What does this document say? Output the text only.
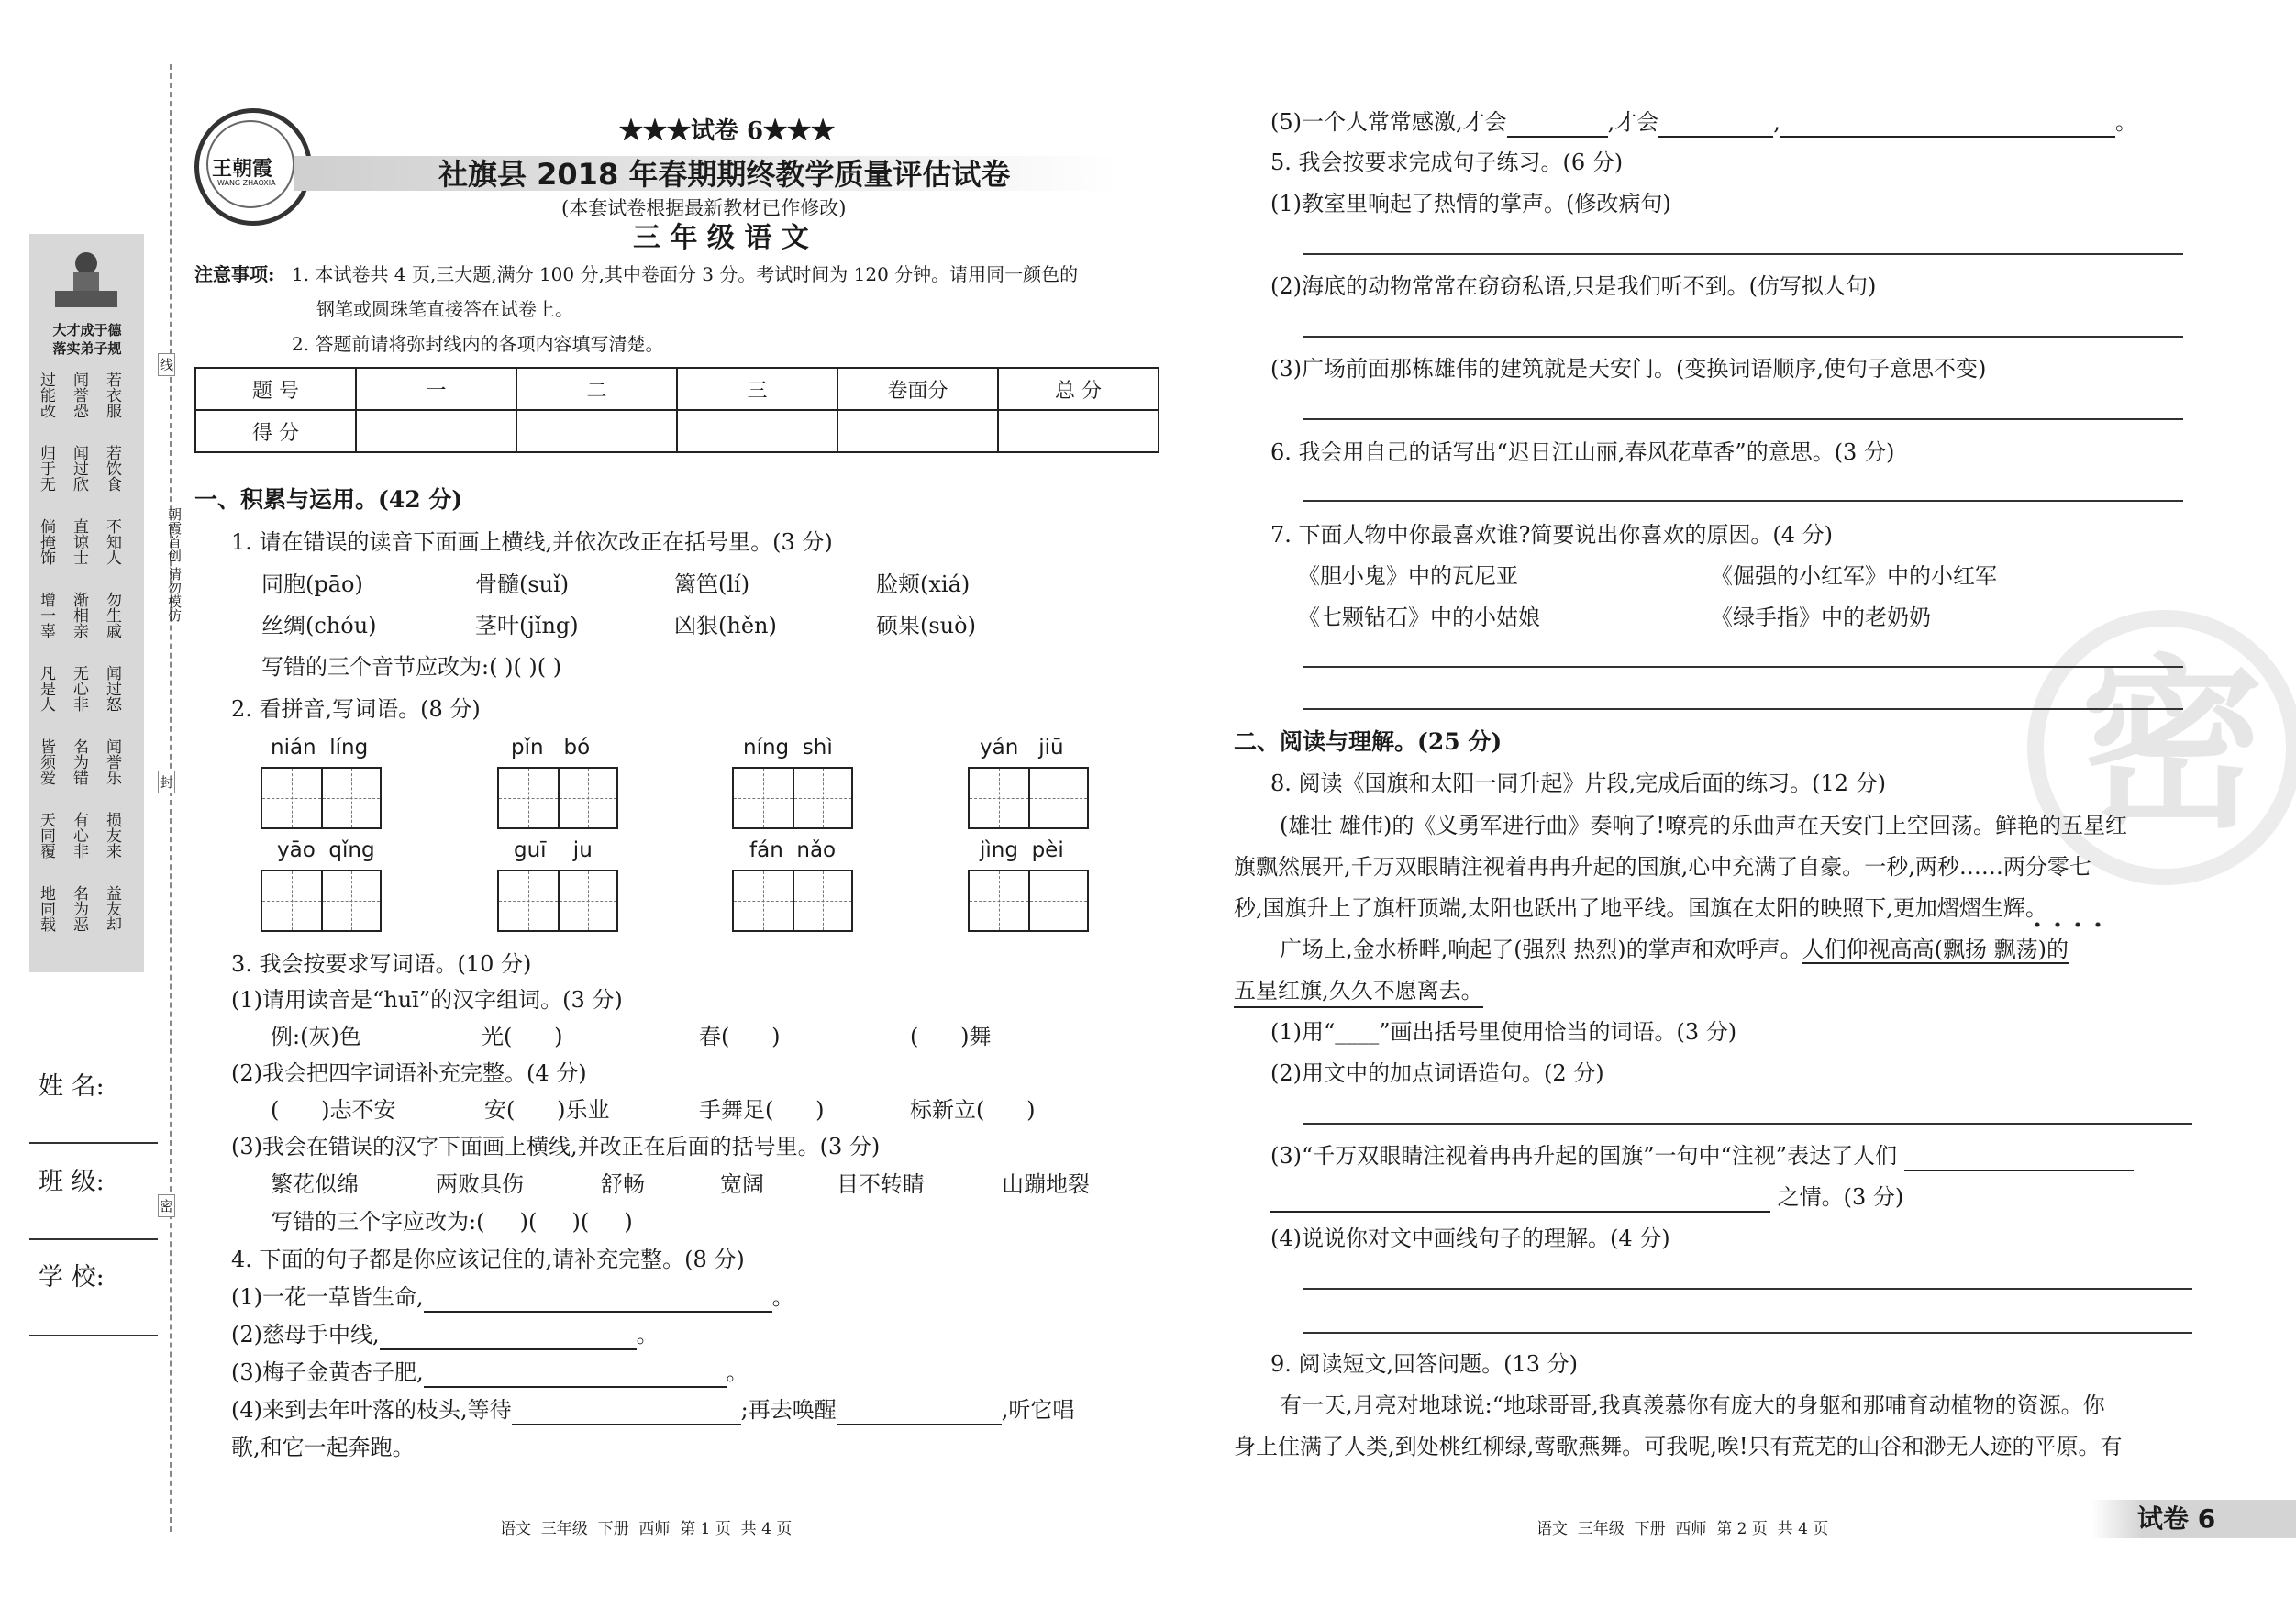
大才成于德
落实弟子规
过能改 闻誉恐 若衣服
归于无 闻过欣 若饮食
倘掩饰 直谅士 不知人
增一辜 渐相亲 勿生戚
凡是人 无心非 闻过怒
皆须爱 名为错 闻誉乐
天同覆 有心非 损友来
地同载 名为恶 益友却
朝霞首创 请勿模仿
线
封
密
姓 名:
班 级:
学 校:
王朝霞
WANG ZHAOXIA
★★★试卷 6★★★
社旗县 2018 年春期期终教学质量评估试卷
(本套试卷根据最新教材已作修改)
三 年 级 语 文
注意事项: 1. 本试卷共 4 页,三大题,满分 100 分,其中卷面分 3 分。考试时间为 120 分钟。请用同一颜色的
钢笔或圆珠笔直接答在试卷上。
2. 答题前请将弥封线内的各项内容填写清楚。
题 号	一	二	三	卷面分	总 分
得 分					
一、积累与运用。(42 分)
1. 请在错误的读音下面画上横线,并依次改正在括号里。(3 分)
同胞(pāo)	骨髓(suǐ)	篱笆(lí)	脸颊(xiá)
丝绸(chóu)	茎叶(jǐng)	凶狠(hěn)	硕果(suò)
写错的三个音节应改为:( )( )( )
2. 看拼音,写词语。(8 分)
nián  líng	pǐn   bó	níng  shì	yán   jiū
yāo  qǐng	guī    ju	fán  nǎo	jìng  pèi
3. 我会按要求写词语。(10 分)
(1)请用读音是“huī”的汉字组词。(3 分)
例:(灰)色	光(      )	春(      )	(      )舞
(2)我会把四字词语补充完整。(4 分)
(      )忐不安	安(      )乐业	手舞足(      )	标新立(      )
(3)我会在错误的汉字下面画上横线,并改正在后面的括号里。(3 分)
繁花似绵	两败具伤	舒畅	宽阔	目不转睛	山蹦地裂
写错的三个字应改为:(     )(     )(     )
4. 下面的句子都是你应该记住的,请补充完整。(8 分)
(1)一花一草皆生命,	。
(2)慈母手中线,	。
(3)梅子金黄杏子肥,	。
(4)来到去年叶落的枝头,等待	;再去唤醒	,听它唱
歌,和它一起奔跑。
语文  三年级  下册  西师  第 1 页  共 4 页
密
(5)一个人常常感激,才会	,才会	,	。
5. 我会按要求完成句子练习。(6 分)
(1)教室里响起了热情的掌声。(修改病句)
(2)海底的动物常常在窃窃私语,只是我们听不到。(仿写拟人句)
(3)广场前面那栋雄伟的建筑就是天安门。(变换词语顺序,使句子意思不变)
6. 我会用自己的话写出“迟日江山丽,春风花草香”的意思。(3 分)
7. 下面人物中你最喜欢谁?简要说出你喜欢的原因。(4 分)
《胆小鬼》中的瓦尼亚	《倔强的小红军》中的小红军
《七颗钻石》中的小姑娘	《绿手指》中的老奶奶
二、阅读与理解。(25 分)
8. 阅读《国旗和太阳一同升起》片段,完成后面的练习。(12 分)
(雄壮 雄伟)的《义勇军进行曲》奏响了!嘹亮的乐曲声在天安门上空回荡。鲜艳的五星红
旗飘然展开,千万双眼睛注视着冉冉升起的国旗,心中充满了自豪。一秒,两秒……两分零七
秒,国旗升上了旗杆顶端,太阳也跃出了地平线。国旗在太阳的映照下,更加熠熠生辉。
广场上,金水桥畔,响起了(强烈 热烈)的掌声和欢呼声。人们仰视高高(飘扬 飘荡)的
五星红旗,久久不愿离去。
(1)用“____”画出括号里使用恰当的词语。(3 分)
(2)用文中的加点词语造句。(2 分)
(3)“千万双眼睛注视着冉冉升起的国旗”一句中“注视”表达了人们
之情。(3 分)
(4)说说你对文中画线句子的理解。(4 分)
9. 阅读短文,回答问题。(13 分)
有一天,月亮对地球说:“地球哥哥,我真羡慕你有庞大的身躯和那哺育动植物的资源。你
身上住满了人类,到处桃红柳绿,莺歌燕舞。可我呢,唉!只有荒芜的山谷和渺无人迹的平原。有
语文  三年级  下册  西师  第 2 页  共 4 页	试卷 6
